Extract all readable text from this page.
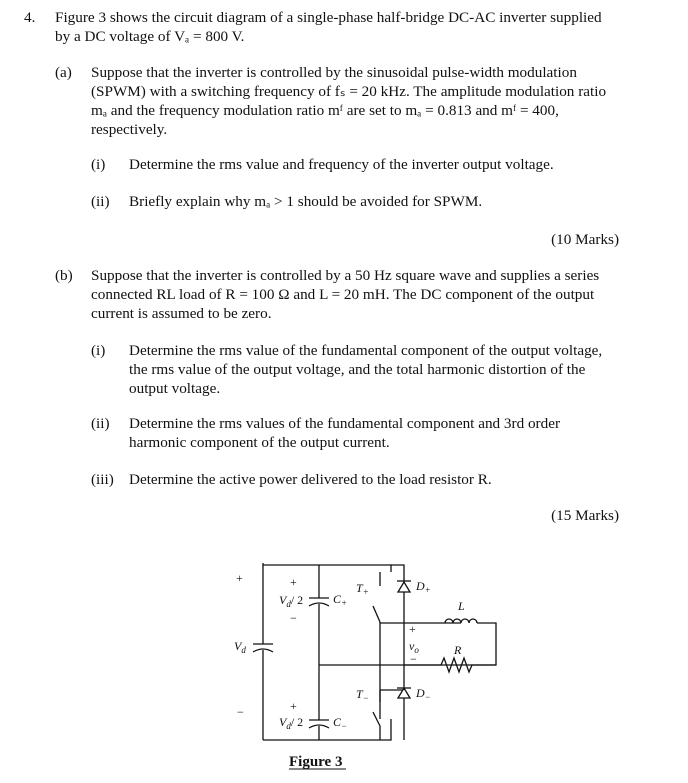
4. Figure 3 shows the circuit diagram of a single-phase half-bridge DC-AC inverter supplied
by a DC voltage of Vₐ = 800 V.
(a) Suppose that the inverter is controlled by the sinusoidal pulse-width modulation
(SPWM) with a switching frequency of fₛ = 20 kHz. The amplitude modulation ratio
mₐ and the frequency modulation ratio mᶠ are set to mₐ = 0.813 and mᶠ = 400,
respectively.
(i) Determine the rms value and frequency of the inverter output voltage.
(ii) Briefly explain why mₐ > 1 should be avoided for SPWM.
(10 Marks)
(b) Suppose that the inverter is controlled by a 50 Hz square wave and supplies a series
connected RL load of R = 100 Ω and L = 20 mH. The DC component of the output
current is assumed to be zero.
(i) Determine the rms value of the fundamental component of the output voltage,
the rms value of the output voltage, and the total harmonic distortion of the
output voltage.
(ii) Determine the rms values of the fundamental component and 3rd order
harmonic component of the output current.
(iii) Determine the active power delivered to the load resistor R.
(15 Marks)
+
−
$V_d$
+
$V_d/$ 2
−
+
$V_d/$ 2
−
$C_+$
$C_-$
$T_+$
$T_-$
$D_+$
$D_-$
L
R
+
$v_o$
−
Figure 3
